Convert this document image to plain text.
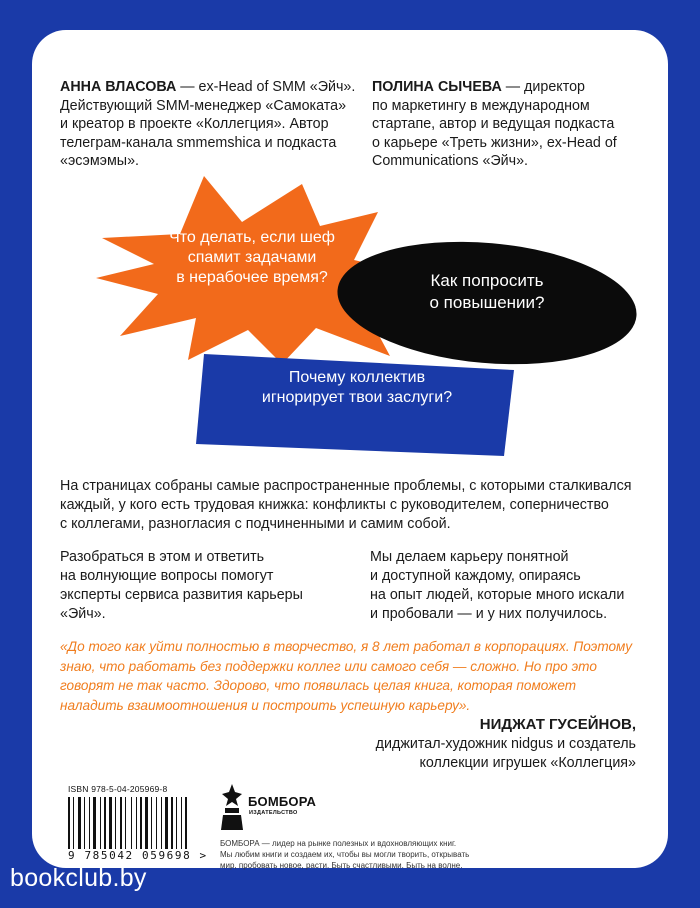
АННА ВЛАСОВА — ex-Head of SMM «Эйч».
Действующий SMM-менеджер «Самоката»
и креатор в проекте «Коллегция». Автор
телеграм-канала smmemshica и подкаста
«эсэмэмы».
ПОЛИНА СЫЧЕВА — директор
по маркетингу в международном
стартапе, автор и ведущая подкаста
о карьере «Треть жизни», ex-Head of
Communications «Эйч».
Что делать, если шеф
спамит задачами
в нерабочее время?	Как попросить
о повышении?
Почему коллектив
игнорирует твои заслуги?
На страницах собраны самые распространенные проблемы, с которыми сталкивался
каждый, у кого есть трудовая книжка: конфликты с руководителем, соперничество
с коллегами, разногласия с подчиненными и самим собой.
Разобраться в этом и ответить
на волнующие вопросы помогут
эксперты сервиса развития карьеры
«Эйч».
Мы делаем карьеру понятной
и доступной каждому, опираясь
на опыт людей, которые много искали
и пробовали — и у них получилось.
«До того как уйти полностью в творчество, я 8 лет работал в корпорациях. Поэтому
знаю, что работать без поддержки коллег или самого себя — сложно. Но про это
говорят не так часто. Здорово, что появилась целая книга, которая поможет
наладить взаимоотношения и построить успешную карьеру».
НИДЖАТ ГУСЕЙНОВ,
диджитал-художник nidgus и создатель
коллекции игрушек «Коллегция»
ISBN 978-5-04-205969-8
9 785042 059698 >
БОМБОРА
ИЗДАТЕЛЬСТВО
БОМБОРА — лидер на рынке полезных и вдохновляющих книг.
Мы любим книги и создаем их, чтобы вы могли творить, открывать
мир, пробовать новое, расти. Быть счастливыми. Быть на волне.
bookclub.by
